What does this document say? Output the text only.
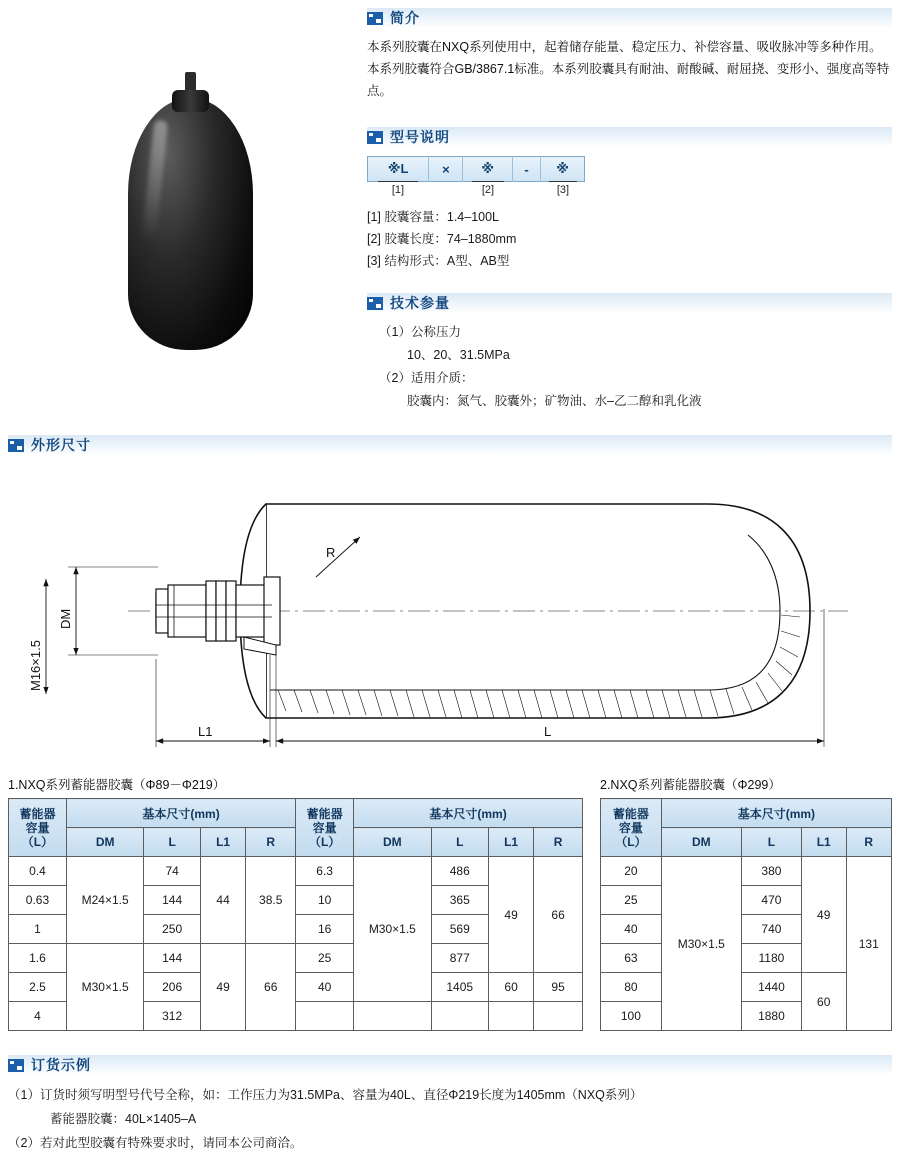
简介
本系列胶囊在NXQ系列使用中，起着储存能量、稳定压力、补偿容量、吸收脉冲等多种作用。本系列胶囊符合GB/3867.1标准。本系列胶囊具有耐油、耐酸碱、耐屈挠、变形小、强度高等特点。
型号说明
※L	×	※	-	※
[1]	[2]	[3]
[1] 胶囊容量：1.4–100L
[2] 胶囊长度：74–1880mm
[3] 结构形式：A型、AB型
技术参量
（1）公称压力
10、20、31.5MPa
（2）适用介质：
胶囊内：氮气、胶囊外；矿物油、水–乙二醇和乳化液
外形尺寸
DM
M16×1.5
R
L1	L
1.NXQ系列蓄能器胶囊（Φ89－Φ219）
蓄能器
容量
（L）	基本尺寸(mm)				蓄能器
容量
（L）	基本尺寸(mm)			
	DM	L	L1	R		DM	L	L1	R
0.4	M24×1.5	74	44	38.5	6.3	M30×1.5	486	49	66
0.63		144			10		365		
1		250			16		569		
1.6	M30×1.5	144	49	66	25		877		
2.5		206			40		1405	60	95
4		312							
2.NXQ系列蓄能器胶囊（Φ299）
蓄能器
容量
（L）	基本尺寸(mm)			
	DM	L	L1	R
20	M30×1.5	380	49	131
25		470		
40		740		
63		1180		
80		1440	60	
100		1880		
订货示例
（1）订货时须写明型号代号全称，如：工作压力为31.5MPa、容量为40L、直径Φ219长度为1405mm（NXQ系列）
蓄能器胶囊：40L×1405–A
（2）若对此型胶囊有特殊要求时，请同本公司商洽。
